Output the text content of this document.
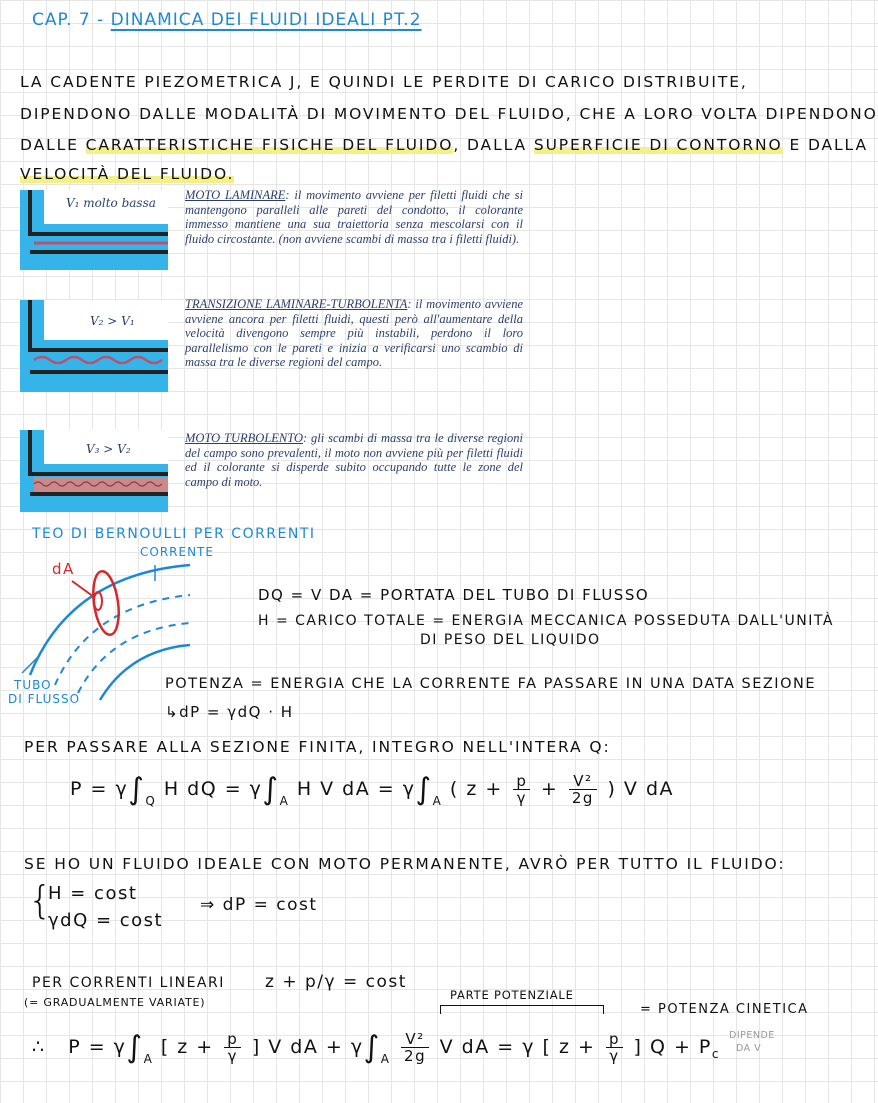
CAP. 7 - DINAMICA DEI FLUIDI IDEALI PT.2
LA CADENTE PIEZOMETRICA J, E QUINDI LE PERDITE DI CARICO DISTRIBUITE,
DIPENDONO DALLE MODALITÀ DI MOVIMENTO DEL FLUIDO, CHE A LORO VOLTA DIPENDONO
DALLE CARATTERISTICHE FISICHE DEL FLUIDO, DALLA SUPERFICIE DI CONTORNO E DALLA
VELOCITÀ DEL FLUIDO.
V₁ molto bassa

MOTO LAMINARE: il movimento avviene per filetti fluidi che si mantengono paralleli alle pareti del condotto, il colorante immesso mantiene una sua traiettoria senza mescolarsi con il fluido circostante. (non avviene scambi di massa tra i filetti fluidi).

V₂ > V₁

TRANSIZIONE LAMINARE-TURBOLENTA: il movimento avviene avviene ancora per filetti fluidi, questi però all'aumentare della velocità divengono sempre più instabili, perdono il loro parallelismo con le pareti e inizia a verificarsi uno scambio di massa tra le diverse regioni del campo.

V₃ > V₂

MOTO TURBOLENTO: gli scambi di massa tra le diverse regioni del campo sono prevalenti, il moto non avviene più per filetti fluidi ed il colorante si disperde subito occupando tutte le zone del campo di moto.

TEO DI BERNOULLI PER CORRENTI
CORRENTE
dA
TUBO
DI FLUSSO
DQ = V DA = PORTATA DEL TUBO DI FLUSSO
H = CARICO TOTALE = ENERGIA MECCANICA POSSEDUTA DALL'UNITÀ
DI PESO DEL LIQUIDO
POTENZA = ENERGIA CHE LA CORRENTE FA PASSARE IN UNA DATA SEZIONE
↳dP = γdQ · H
PER PASSARE ALLA SEZIONE FINITA, INTEGRO NELL'INTERA Q:
$P = \gamma\int_Q$ H dQ = $\gamma\int_A$ H V dA = $\gamma\int_A$ ( $z + \frac{p}{\gamma} + \frac{\text{V²}}{2g}$ ) V dA
SE HO UN FLUIDO IDEALE CON MOTO PERMANENTE, AVRÒ PER TUTTO IL FLUIDO:
{
H = cost
γdQ = cost
⇒ dP = cost
PER CORRENTI LINEARI
(= GRADUALMENTE VARIATE)
z + p/γ = cost
PARTE POTENZIALE
= POTENZA CINETICA
DIPENDE
DA V
∴   $P = \gamma\int_A$ [ $z + \frac{p}{\gamma}$ ] V dA + $\gamma\int_A \frac{\text{V²}}{2g}$ V dA = γ [ $z + \frac{p}{\gamma}$ ] $Q + P_c$
